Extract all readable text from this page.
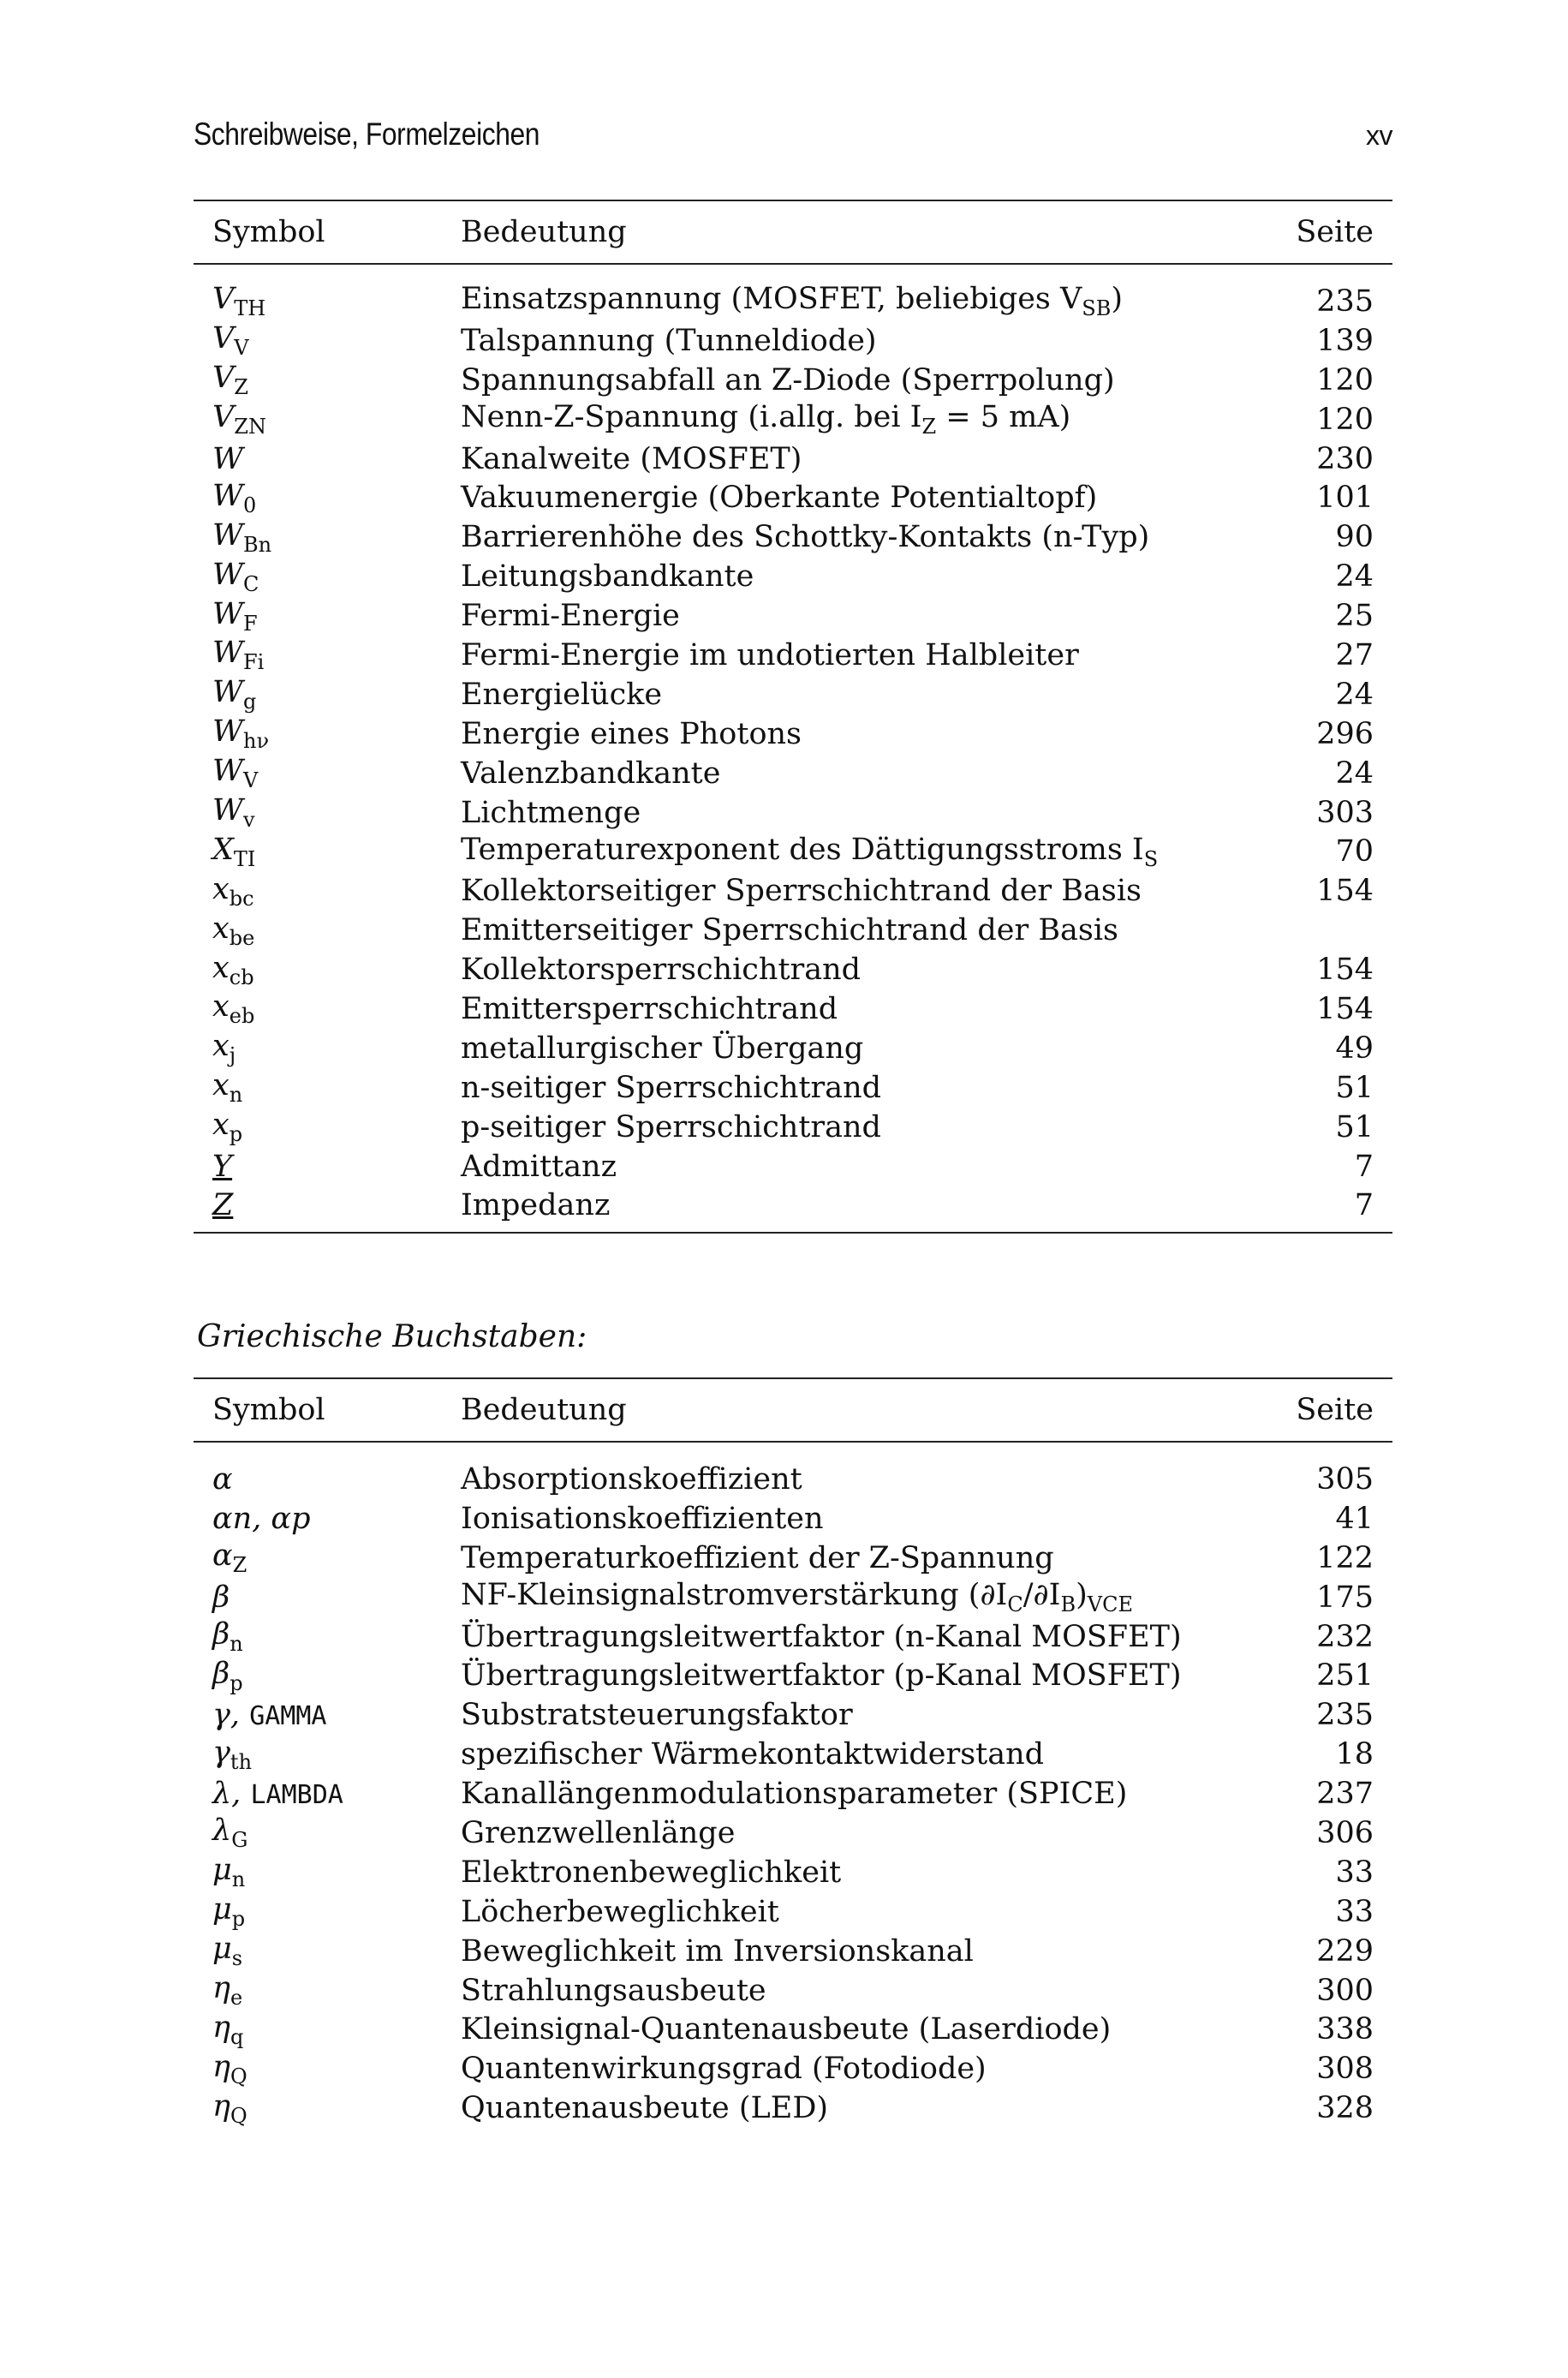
Schreibweise, Formelzeichen	xv
Symbol	Bedeutung	Seite
$V_{TH}$	Einsatzspannung (MOSFET, beliebiges $V_{SB}$)	235
$V_V$	Talspannung (Tunneldiode)	139
$V_Z$	Spannungsabfall an Z-Diode (Sperrpolung)	120
$V_{ZN}$	Nenn-Z-Spannung (i.allg. bei $I_Z = 5$ mA)	120
W	Kanalweite (MOSFET)	230
$W_0$	Vakuumenergie (Oberkante Potentialtopf)	101
$W_{Bn}$	Barrierenhöhe des Schottky-Kontakts (n-Typ)	90
$W_C$	Leitungsbandkante	24
$W_F$	Fermi-Energie	25
$W_{Fi}$	Fermi-Energie im undotierten Halbleiter	27
$W_g$	Energielücke	24
$W_{h\nu}$	Energie eines Photons	296
$W_V$	Valenzbandkante	24
$W_v$	Lichtmenge	303
$X_{TI}$	Temperaturexponent des Dättigungsstroms $I_S$	70
$x_{bc}$	Kollektorseitiger Sperrschichtrand der Basis	154
$x_{be}$	Emitterseitiger Sperrschichtrand der Basis	
$x_{cb}$	Kollektorsperrschichtrand	154
$x_{eb}$	Emittersperrschichtrand	154
$x_j$	metallurgischer Übergang	49
$x_n$	n-seitiger Sperrschichtrand	51
$x_p$	p-seitiger Sperrschichtrand	51
Y	Admittanz	7
Z	Impedanz	7

Griechische Buchstaben:
Symbol	Bedeutung	Seite
α	Absorptionskoeffizient	305
αn, αp	Ionisationskoeffizienten	41
$\alpha_Z$	Temperaturkoeffizient der Z-Spannung	122
β	NF-Kleinsignalstromverstärkung $(\partial I_C/\partial I_B)_{VCE}$	175
$\beta_n$	Übertragungsleitwertfaktor (n-Kanal MOSFET)	232
$\beta_p$	Übertragungsleitwertfaktor (p-Kanal MOSFET)	251
γ, GAMMA	Substratsteuerungsfaktor	235
$\gamma_{th}$	spezifischer Wärmekontaktwiderstand	18
λ, LAMBDA	Kanallängenmodulationsparameter (SPICE)	237
$\lambda_G$	Grenzwellenlänge	306
$\mu_n$	Elektronenbeweglichkeit	33
$\mu_p$	Löcherbeweglichkeit	33
$\mu_s$	Beweglichkeit im Inversionskanal	229
$\eta_e$	Strahlungsausbeute	300
$\eta_q$	Kleinsignal-Quantenausbeute (Laserdiode)	338
$\eta_Q$	Quantenwirkungsgrad (Fotodiode)	308
$\eta_Q$	Quantenausbeute (LED)	328
